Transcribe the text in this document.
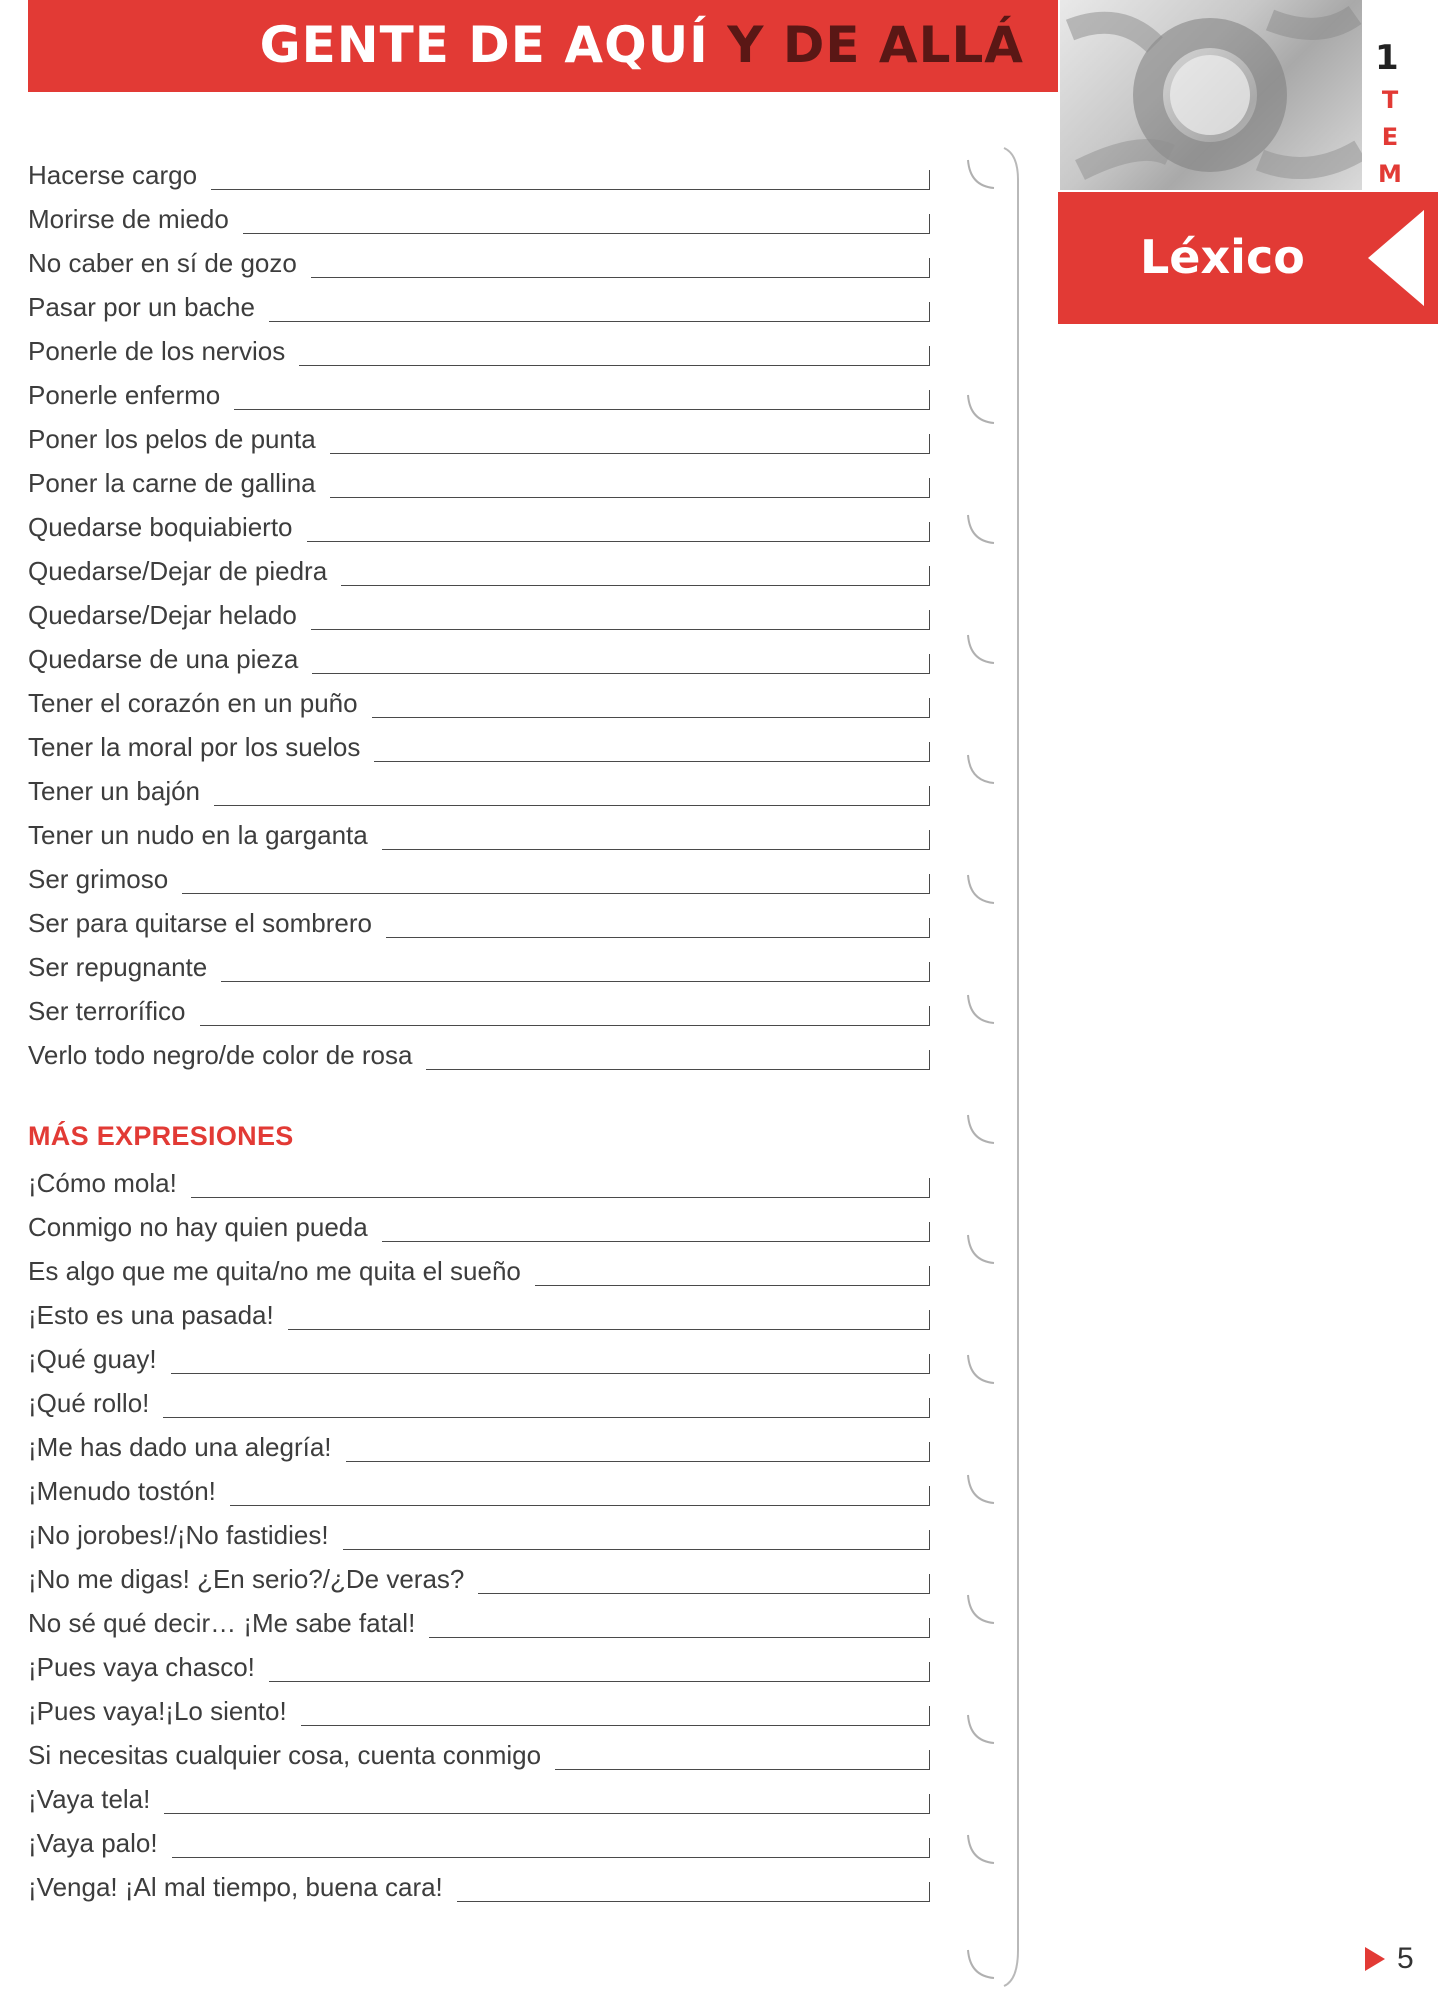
GENTE DE AQUÍ Y DE ALLÁ	1
T
E
M
Léxico
Hacerse cargo
Morirse de miedo
No caber en sí de gozo
Pasar por un bache
Ponerle de los nervios
Ponerle enfermo
Poner los pelos de punta
Poner la carne de gallina
Quedarse boquiabierto
Quedarse/Dejar de piedra
Quedarse/Dejar helado
Quedarse de una pieza
Tener el corazón en un puño
Tener la moral por los suelos
Tener un bajón
Tener un nudo en la garganta
Ser grimoso
Ser para quitarse el sombrero
Ser repugnante
Ser terrorífico
Verlo todo negro/de color de rosa
MÁS EXPRESIONES
¡Cómo mola!
Conmigo no hay quien pueda
Es algo que me quita/no me quita el sueño
¡Esto es una pasada!
¡Qué guay!
¡Qué rollo!
¡Me has dado una alegría!
¡Menudo tostón!
¡No jorobes!/¡No fastidies!
¡No me digas! ¿En serio?/¿De veras?
No sé qué decir… ¡Me sabe fatal!
¡Pues vaya chasco!
¡Pues vaya!¡Lo siento!
Si necesitas cualquier cosa, cuenta conmigo
¡Vaya tela!
¡Vaya palo!
¡Venga! ¡Al mal tiempo, buena cara!
5
